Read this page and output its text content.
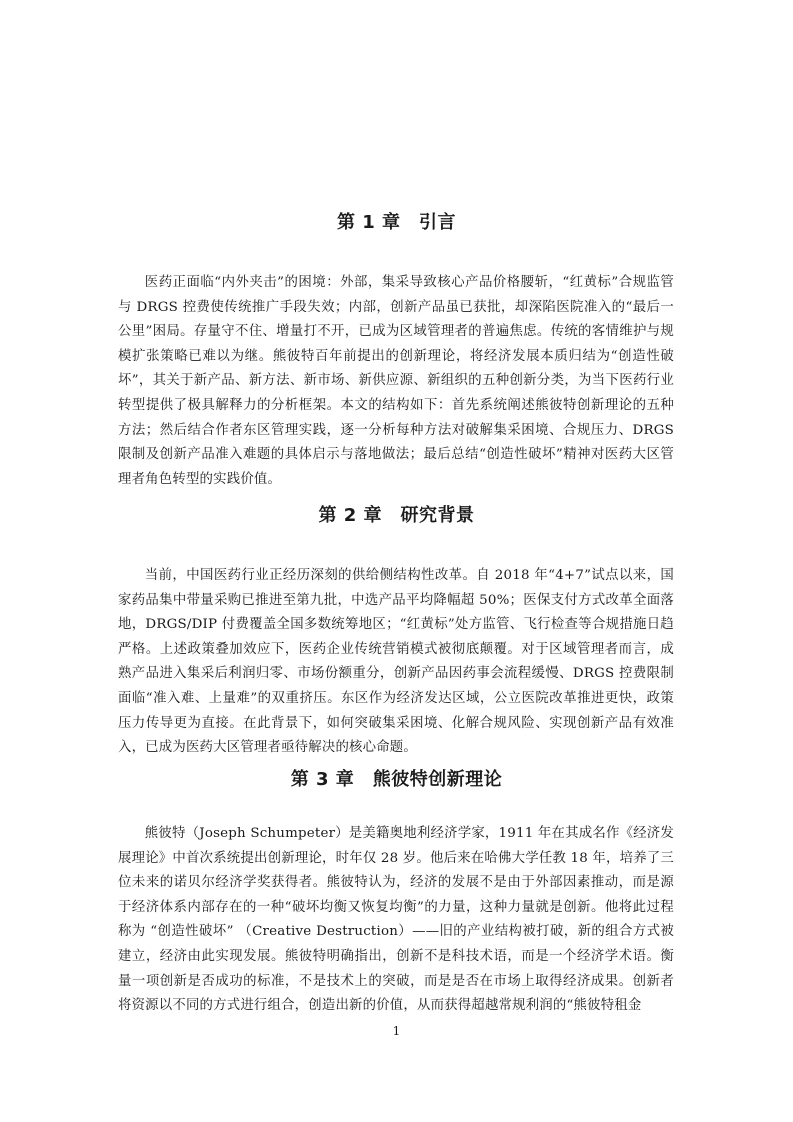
第 1 章　引言

医药正面临“内外夹击”的困境：外部，集采导致核心产品价格腰斩，“红黄标”合规监管与 DRGS 控费使传统推广手段失效；内部，创新产品虽已获批，却深陷医院准入的“最后一公里”困局。存量守不住、增量打不开，已成为区域管理者的普遍焦虑。传统的客情维护与规模扩张策略已难以为继。熊彼特百年前提出的创新理论，将经济发展本质归结为“创造性破坏”，其关于新产品、新方法、新市场、新供应源、新组织的五种创新分类，为当下医药行业转型提供了极具解释力的分析框架。本文的结构如下：首先系统阐述熊彼特创新理论的五种方法；然后结合作者东区管理实践，逐一分析每种方法对破解集采困境、合规压力、DRGS 限制及创新产品准入难题的具体启示与落地做法；最后总结“创造性破坏”精神对医药大区管理者角色转型的实践价值。

第 2 章　研究背景

当前，中国医药行业正经历深刻的供给侧结构性改革。自 2018 年“4+7”试点以来，国家药品集中带量采购已推进至第九批，中选产品平均降幅超 50%；医保支付方式改革全面落地，DRGS/DIP 付费覆盖全国多数统筹地区；“红黄标”处方监管、飞行检查等合规措施日趋严格。上述政策叠加效应下，医药企业传统营销模式被彻底颠覆。对于区域管理者而言，成熟产品进入集采后利润归零、市场份额重分，创新产品因药事会流程缓慢、DRGS 控费限制面临“准入难、上量难”的双重挤压。东区作为经济发达区域，公立医院改革推进更快，政策压力传导更为直接。在此背景下，如何突破集采困境、化解合规风险、实现创新产品有效准入，已成为医药大区管理者亟待解决的核心命题。

第 3 章　熊彼特创新理论

熊彼特（Joseph Schumpeter）是美籍奥地利经济学家，1911 年在其成名作《经济发展理论》中首次系统提出创新理论，时年仅 28 岁。他后来在哈佛大学任教 18 年，培养了三位未来的诺贝尔经济学奖获得者。熊彼特认为，经济的发展不是由于外部因素推动，而是源于经济体系内部存在的一种“破坏均衡又恢复均衡”的力量，这种力量就是创新。他将此过程称为 “创造性破坏” （Creative Destruction）——旧的产业结构被打破，新的组合方式被建立，经济由此实现发展。熊彼特明确指出，创新不是科技术语，而是一个经济学术语。衡量一项创新是否成功的标准，不是技术上的突破，而是是否在市场上取得经济成果。创新者将资源以不同的方式进行组合，创造出新的价值，从而获得超越常规利润的“熊彼特租金

1
